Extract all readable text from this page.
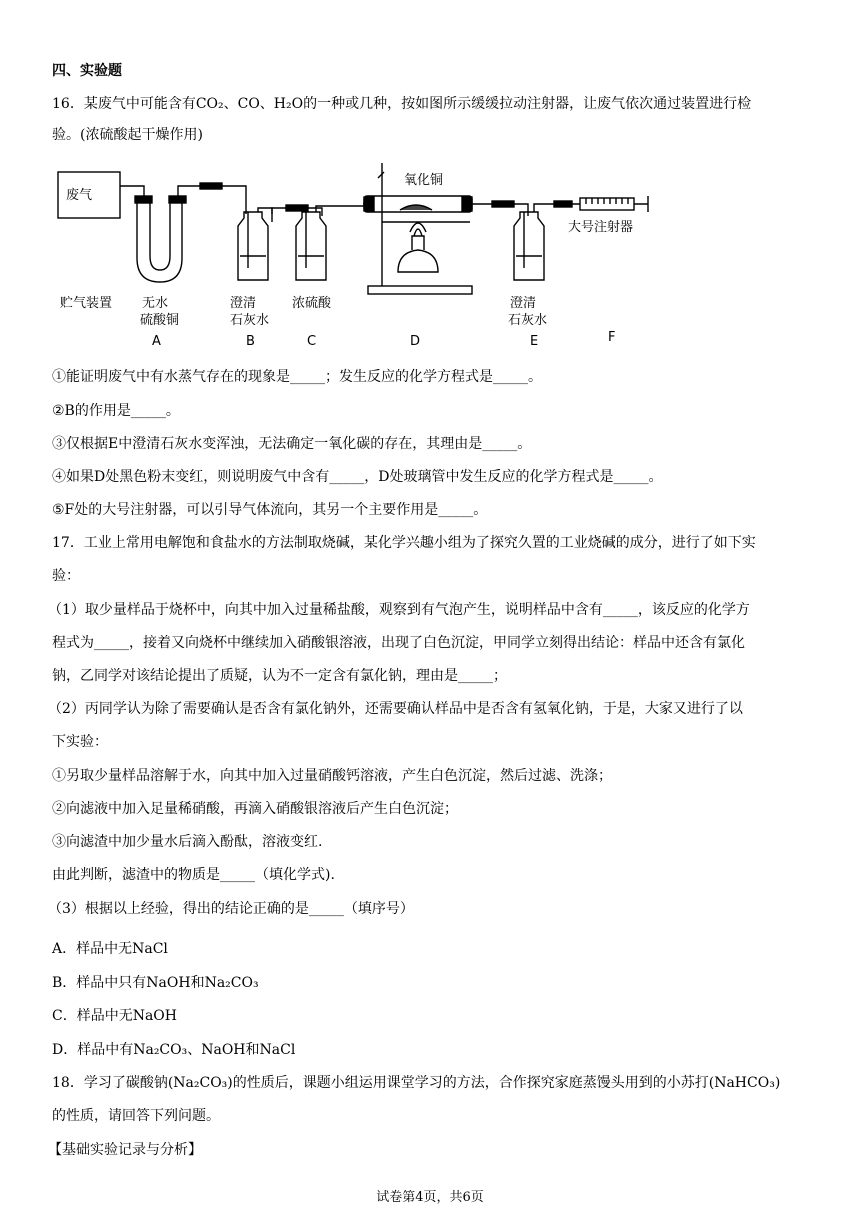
四、实验题
16．某废气中可能含有CO₂、CO、H₂O的一种或几种，按如图所示缓缓拉动注射器，让废气依次通过装置进行检
验。(浓硫酸起干燥作用)
废气
氧化铜
大号注射器
贮气装置 无水
硫酸铜
澄清
石灰水
浓硫酸	澄清
石灰水
A	B	C	D	E	F
①能证明废气中有水蒸气存在的现象是_____；发生反应的化学方程式是_____。
②B的作用是_____。
③仅根据E中澄清石灰水变浑浊，无法确定一氧化碳的存在，其理由是_____。
④如果D处黑色粉末变红，则说明废气中含有_____，D处玻璃管中发生反应的化学方程式是_____。
⑤F处的大号注射器，可以引导气体流向，其另一个主要作用是_____。
17．工业上常用电解饱和食盐水的方法制取烧碱，某化学兴趣小组为了探究久置的工业烧碱的成分，进行了如下实
验：
（1）取少量样品于烧杯中，向其中加入过量稀盐酸，观察到有气泡产生，说明样品中含有_____，该反应的化学方
程式为_____，接着又向烧杯中继续加入硝酸银溶液，出现了白色沉淀，甲同学立刻得出结论：样品中还含有氯化
钠，乙同学对该结论提出了质疑，认为不一定含有氯化钠，理由是_____；
（2）丙同学认为除了需要确认是否含有氯化钠外，还需要确认样品中是否含有氢氧化钠，于是，大家又进行了以
下实验：
①另取少量样品溶解于水，向其中加入过量硝酸钙溶液，产生白色沉淀，然后过滤、洗涤；
②向滤液中加入足量稀硝酸，再滴入硝酸银溶液后产生白色沉淀；
③向滤渣中加少量水后滴入酚酞，溶液变红.
由此判断，滤渣中的物质是_____（填化学式).
（3）根据以上经验，得出的结论正确的是_____（填序号）
A．样品中无NaCl
B．样品中只有NaOH和Na₂CO₃
C．样品中无NaOH
D．样品中有Na₂CO₃、NaOH和NaCl
18．学习了碳酸钠(Na₂CO₃)的性质后，课题小组运用课堂学习的方法，合作探究家庭蒸馒头用到的小苏打(NaHCO₃)
的性质，请回答下列问题。
【基础实验记录与分析】
试卷第4页，共6页
